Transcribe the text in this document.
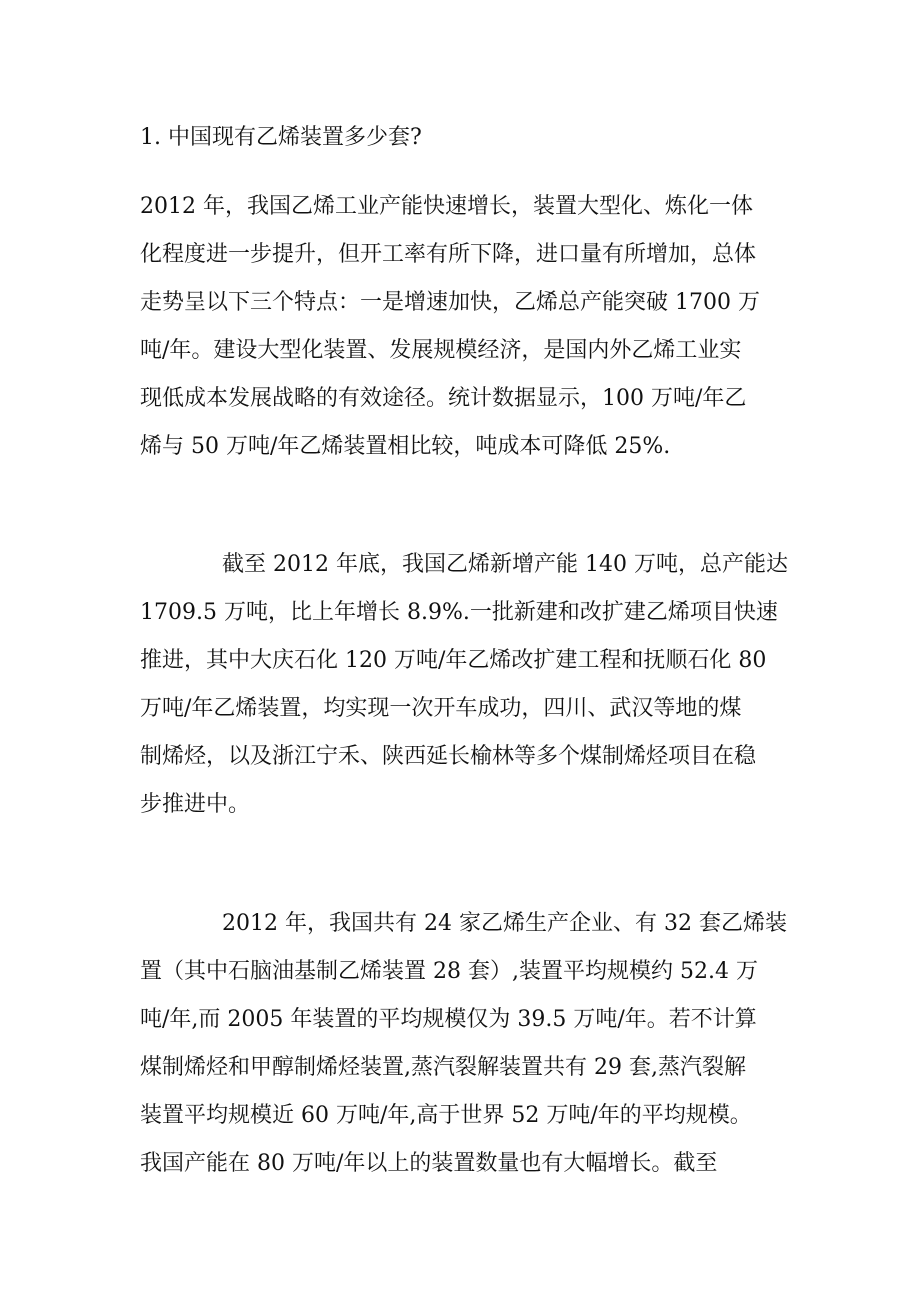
1. 中国现有乙烯装置多少套?

2012 年，我国乙烯工业产能快速增长，装置大型化、炼化一体

化程度进一步提升，但开工率有所下降，进口量有所增加，总体

走势呈以下三个特点：一是增速加快，乙烯总产能突破 1700 万

吨/年。建设大型化装置、发展规模经济，是国内外乙烯工业实

现低成本发展战略的有效途径。统计数据显示，100 万吨/年乙

烯与 50 万吨/年乙烯装置相比较，吨成本可降低 25%.

截至 2012 年底，我国乙烯新增产能 140 万吨，总产能达

1709.5 万吨，比上年增长 8.9%.一批新建和改扩建乙烯项目快速

推进，其中大庆石化 120 万吨/年乙烯改扩建工程和抚顺石化 80

万吨/年乙烯装置，均实现一次开车成功，四川、武汉等地的煤

制烯烃，以及浙江宁禾、陕西延长榆林等多个煤制烯烃项目在稳

步推进中。

2012 年，我国共有 24 家乙烯生产企业、有 32 套乙烯装

置（其中石脑油基制乙烯装置 28 套）,装置平均规模约 52.4 万

吨/年,而 2005 年装置的平均规模仅为 39.5 万吨/年。若不计算

煤制烯烃和甲醇制烯烃装置,蒸汽裂解装置共有 29 套,蒸汽裂解

装置平均规模近 60 万吨/年,高于世界 52 万吨/年的平均规模。

我国产能在 80 万吨/年以上的装置数量也有大幅增长。截至
